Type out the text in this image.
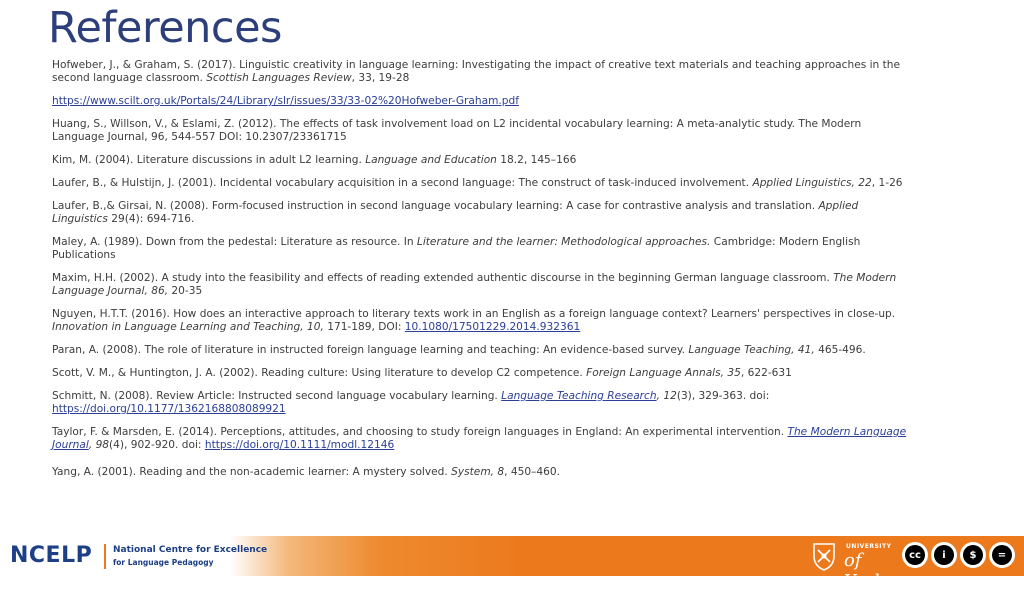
References

Hofweber, J., & Graham, S. (2017). Linguistic creativity in language learning: Investigating the impact of creative text materials and teaching approaches in the second language classroom. Scottish Languages Review, 33, 19-28

https://www.scilt.org.uk/Portals/24/Library/slr/issues/33/33-02%20Hofweber-Graham.pdf

Huang, S., Willson, V., & Eslami, Z. (2012). The effects of task involvement load on L2 incidental vocabulary learning: A meta-analytic study. The Modern Language Journal, 96, 544-557 DOI: 10.2307/23361715

Kim, M. (2004). Literature discussions in adult L2 learning. Language and Education 18.2, 145–166

Laufer, B., & Hulstijn, J. (2001). Incidental vocabulary acquisition in a second language: The construct of task-induced involvement. Applied Linguistics, 22, 1-26

Laufer, B.,& Girsai, N. (2008). Form-focused instruction in second language vocabulary learning: A case for contrastive analysis and translation. Applied Linguistics 29(4): 694-716.

Maley, A. (1989). Down from the pedestal: Literature as resource. In Literature and the learner: Methodological approaches. Cambridge: Modern English Publications

Maxim, H.H. (2002). A study into the feasibility and effects of reading extended authentic discourse in the beginning German language classroom. The Modern Language Journal, 86, 20-35

Nguyen, H.T.T. (2016). How does an interactive approach to literary texts work in an English as a foreign language context? Learners' perspectives in close-up. Innovation in Language Learning and Teaching, 10, 171-189, DOI: 10.1080/17501229.2014.932361

Paran, A. (2008). The role of literature in instructed foreign language learning and teaching: An evidence-based survey. Language Teaching, 41, 465-496.

Scott, V. M., & Huntington, J. A. (2002). Reading culture: Using literature to develop C2 competence. Foreign Language Annals, 35, 622-631

Schmitt, N. (2008). Review Article: Instructed second language vocabulary learning. Language Teaching Research, 12(3), 329-363. doi: https://doi.org/10.1177/1362168808089921

Taylor, F. & Marsden, E. (2014). Perceptions, attitudes, and choosing to study foreign languages in England: An experimental intervention. The Modern Language Journal, 98(4), 902-920. doi: https://doi.org/10.1111/modl.12146

Yang, A. (2001). Reading and the non-academic learner: A mystery solved. System, 8, 450–460.

NCELP National Centre for Excellence
for Language Pedagogy
UNIVERSITY
of York
cc	i	$	=
